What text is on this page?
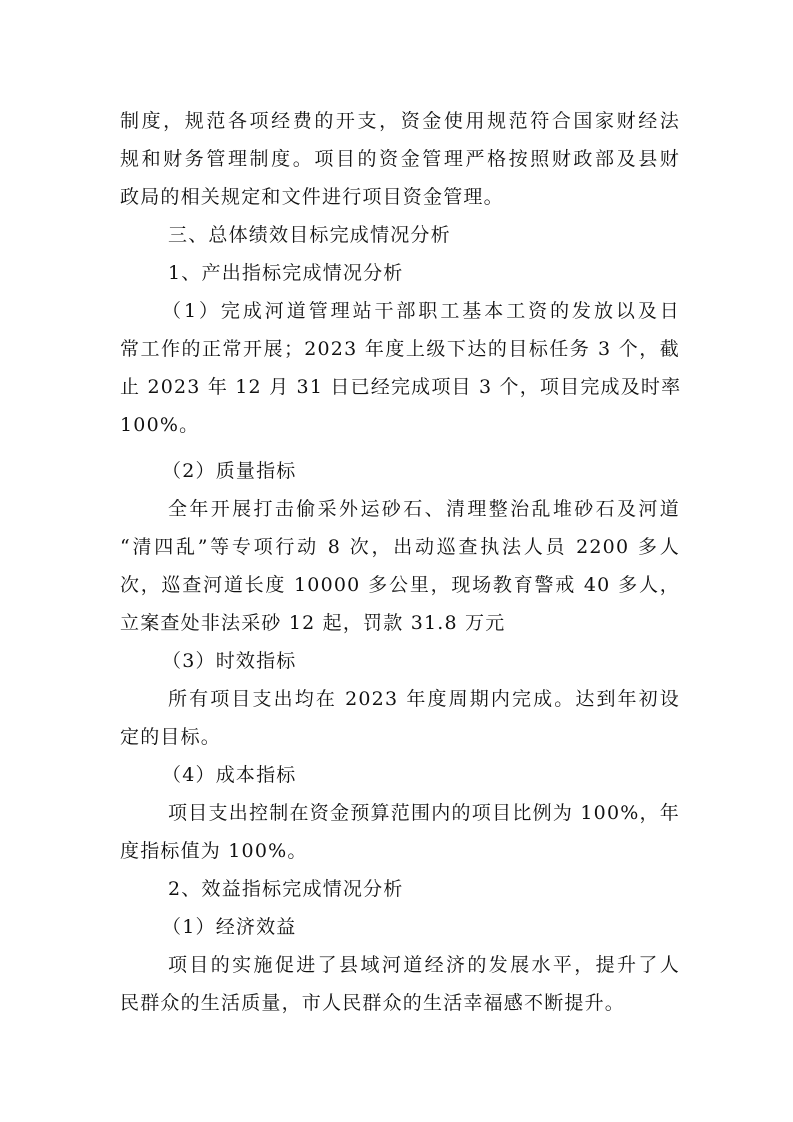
制度，规范各项经费的开支，资金使用规范符合国家财经法
规和财务管理制度。项目的资金管理严格按照财政部及县财
政局的相关规定和文件进行项目资金管理。
三、总体绩效目标完成情况分析
1、产出指标完成情况分析
（1）完成河道管理站干部职工基本工资的发放以及日
常工作的正常开展；2023 年度上级下达的目标任务 3 个，截
止 2023 年 12 月 31 日已经完成项目 3 个，项目完成及时率
100%。
（2）质量指标
全年开展打击偷采外运砂石、清理整治乱堆砂石及河道
“清四乱”等专项行动 8 次，出动巡查执法人员 2200 多人
次，巡查河道长度 10000 多公里，现场教育警戒 40 多人，
立案查处非法采砂 12 起，罚款 31.8 万元
（3）时效指标
所有项目支出均在 2023 年度周期内完成。达到年初设
定的目标。
（4）成本指标
项目支出控制在资金预算范围内的项目比例为 100%，年
度指标值为 100%。
2、效益指标完成情况分析
（1）经济效益
项目的实施促进了县域河道经济的发展水平，提升了人
民群众的生活质量，市人民群众的生活幸福感不断提升。
